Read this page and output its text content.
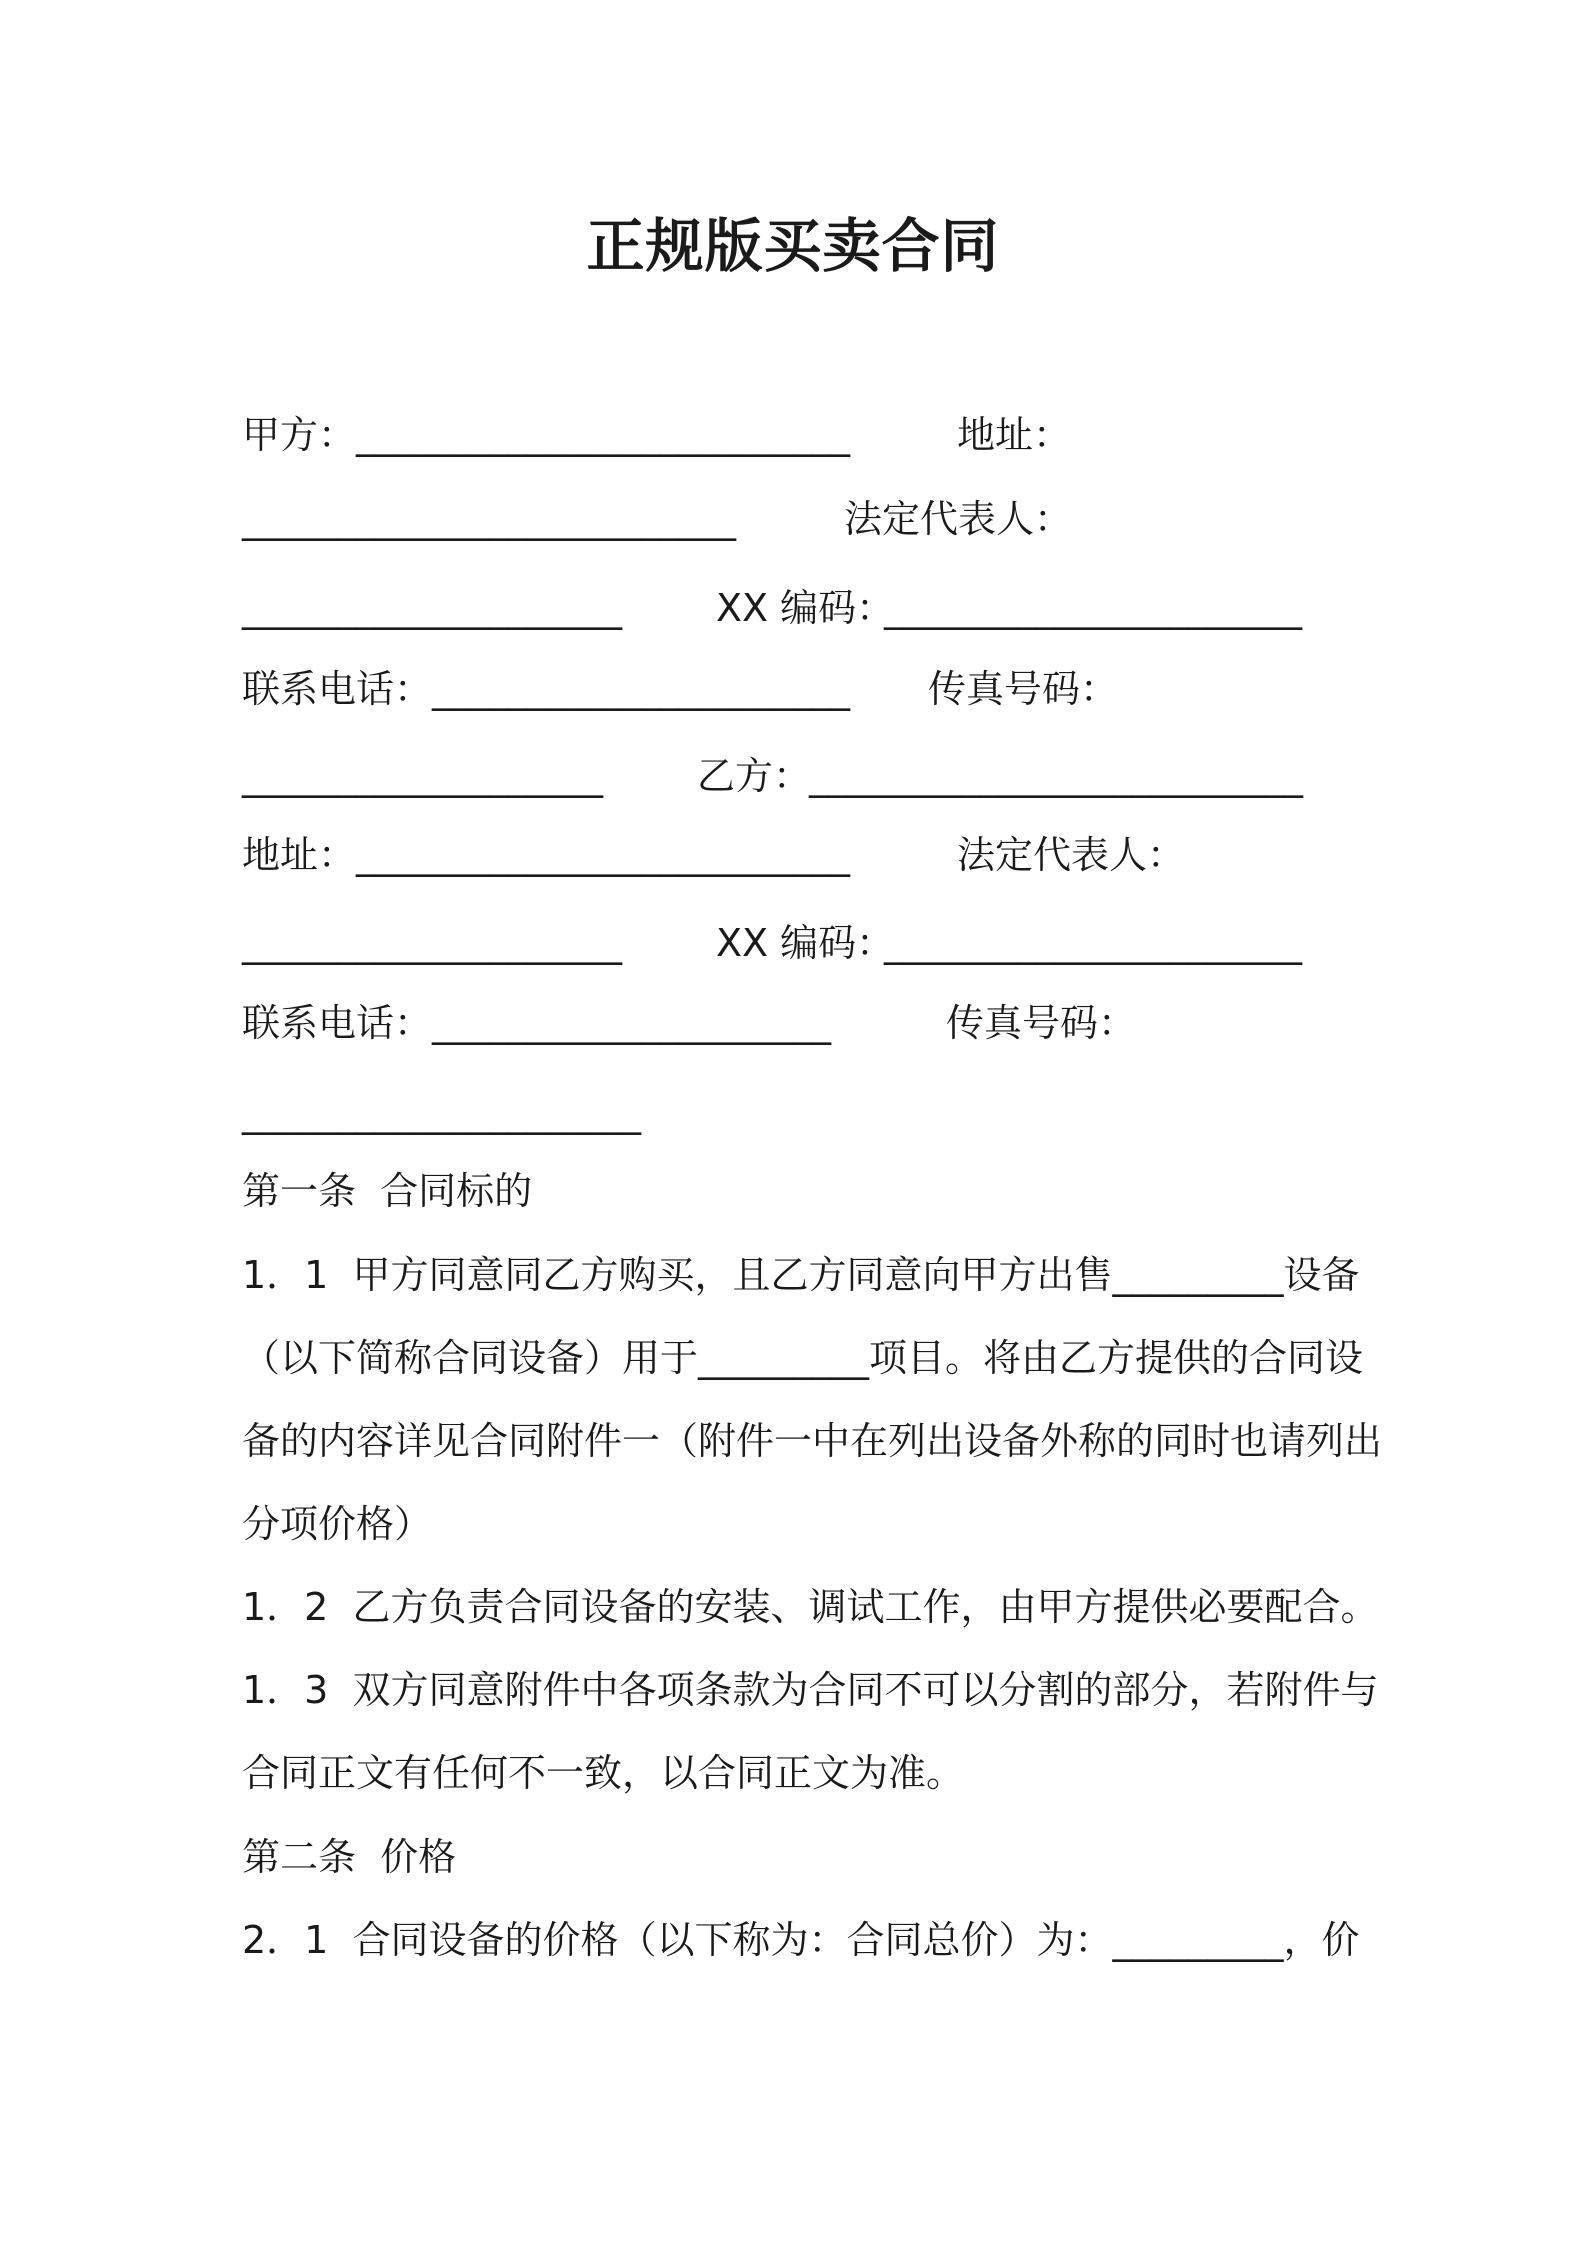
正规版买卖合同
甲方： __________________________	地址：
__________________________	法定代表人：
____________________ XX 编码：
______________________
联系电话： ______________________ 传真号码：
___________________ 乙方：
__________________________
地址： __________________________	法定代表人：
____________________ XX 编码：
______________________
联系电话： _____________________	传真号码：
_____________________
第一条  合同标的
1．1  甲方同意同乙方购买，且乙方同意向甲方出售_________设备
（以下简称合同设备）用于_________项目。将由乙方提供的合同设
备的内容详见合同附件一（附件一中在列出设备外称的同时也请列出
分项价格）
1．2  乙方负责合同设备的安装、调试工作，由甲方提供必要配合。
1．3  双方同意附件中各项条款为合同不可以分割的部分，若附件与
合同正文有任何不一致，以合同正文为准。
第二条  价格
2．1  合同设备的价格（以下称为：合同总价）为：_________，价
